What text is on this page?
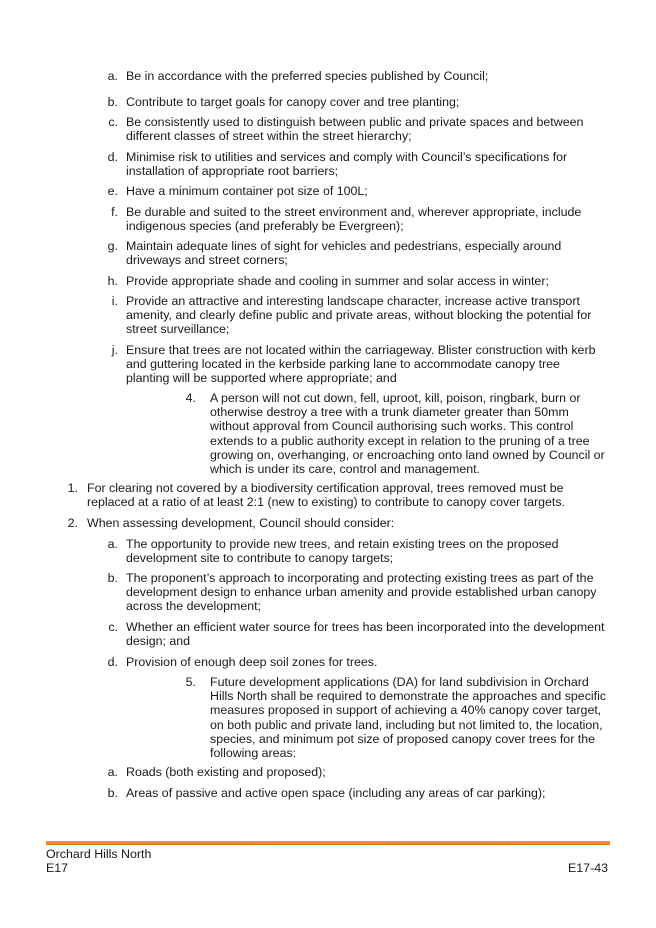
a. Be in accordance with the preferred species published by Council;
b. Contribute to target goals for canopy cover and tree planting;
c. Be consistently used to distinguish between public and private spaces and between different classes of street within the street hierarchy;
d. Minimise risk to utilities and services and comply with Council’s specifications for installation of appropriate root barriers;
e. Have a minimum container pot size of 100L;
f. Be durable and suited to the street environment and, wherever appropriate, include indigenous species (and preferably be Evergreen);
g. Maintain adequate lines of sight for vehicles and pedestrians, especially around driveways and street corners;
h. Provide appropriate shade and cooling in summer and solar access in winter;
i. Provide an attractive and interesting landscape character, increase active transport amenity, and clearly define public and private areas, without blocking the potential for street surveillance;
j. Ensure that trees are not located within the carriageway. Blister construction with kerb and guttering located in the kerbside parking lane to accommodate canopy tree planting will be supported where appropriate; and
4. A person will not cut down, fell, uproot, kill, poison, ringbark, burn or otherwise destroy a tree with a trunk diameter greater than 50mm without approval from Council authorising such works. This control extends to a public authority except in relation to the pruning of a tree growing on, overhanging, or encroaching onto land owned by Council or which is under its care, control and management.
1. For clearing not covered by a biodiversity certification approval, trees removed must be replaced at a ratio of at least 2:1 (new to existing) to contribute to canopy cover targets.
2. When assessing development, Council should consider:
a. The opportunity to provide new trees, and retain existing trees on the proposed development site to contribute to canopy targets;
b. The proponent’s approach to incorporating and protecting existing trees as part of the development design to enhance urban amenity and provide established urban canopy across the development;
c. Whether an efficient water source for trees has been incorporated into the development design; and
d. Provision of enough deep soil zones for trees.
5. Future development applications (DA) for land subdivision in Orchard Hills North shall be required to demonstrate the approaches and specific measures proposed in support of achieving a 40% canopy cover target, on both public and private land, including but not limited to, the location, species, and minimum pot size of proposed canopy cover trees for the following areas:
a. Roads (both existing and proposed);
b. Areas of passive and active open space (including any areas of car parking);
Orchard Hills North
E17	E17-43
